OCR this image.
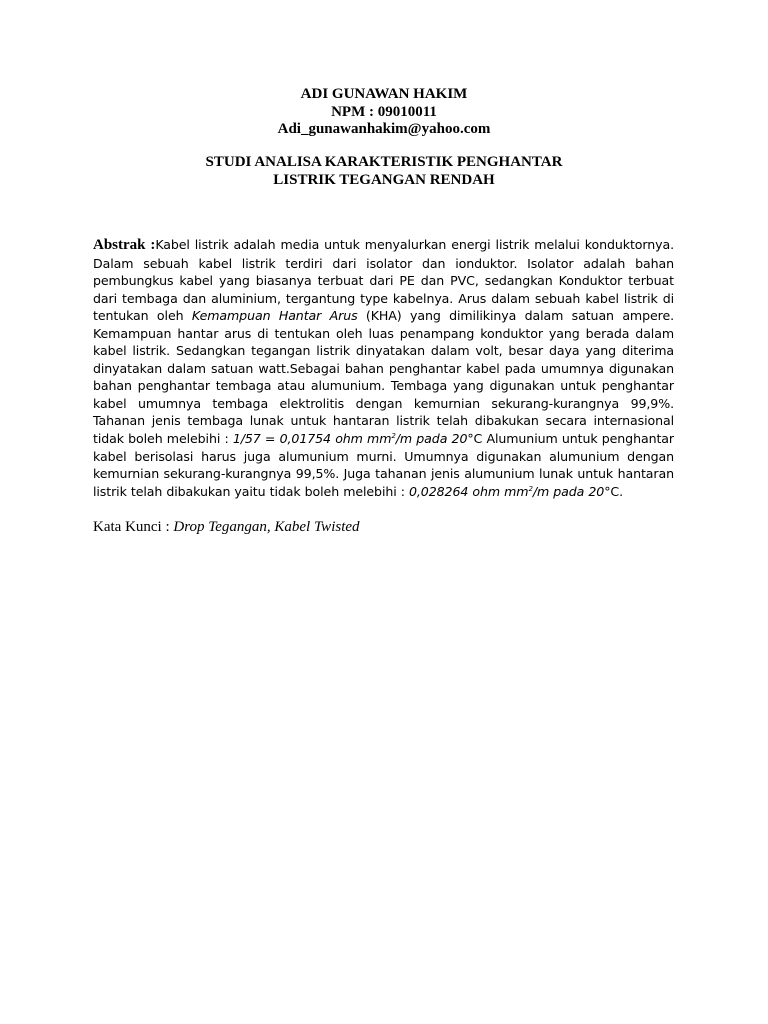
ADI GUNAWAN HAKIM
NPM : 09010011
Adi_gunawanhakim@yahoo.com
STUDI ANALISA KARAKTERISTIK PENGHANTAR
LISTRIK TEGANGAN RENDAH
Abstrak :Kabel listrik adalah media untuk menyalurkan energi listrik melalui konduktornya. Dalam sebuah kabel listrik terdiri dari isolator dan ionduktor. Isolator adalah bahan pembungkus kabel yang biasanya terbuat dari PE dan PVC, sedangkan Konduktor terbuat dari tembaga dan aluminium, tergantung type kabelnya. Arus dalam sebuah kabel listrik di tentukan oleh Kemampuan Hantar Arus (KHA) yang dimilikinya dalam satuan ampere. Kemampuan hantar arus di tentukan oleh luas penampang konduktor yang berada dalam kabel listrik. Sedangkan tegangan listrik dinyatakan dalam volt, besar daya yang diterima dinyatakan dalam satuan watt.Sebagai bahan penghantar kabel pada umumnya digunakan bahan penghantar tembaga atau alumunium. Tembaga yang digunakan untuk penghantar kabel umumnya tembaga elektrolitis dengan kemurnian sekurang-kurangnya 99,9%. Tahanan jenis tembaga lunak untuk hantaran listrik telah dibakukan secara internasional tidak boleh melebihi : 1/57 = 0,01754 ohm $mm^2/m$ pada 20°C Alumunium untuk penghantar kabel berisolasi harus juga alumunium murni. Umumnya digunakan alumunium dengan kemurnian sekurang-kurangnya 99,5%. Juga tahanan jenis alumunium lunak untuk hantaran listrik telah dibakukan yaitu tidak boleh melebihi : 0,028264 ohm $mm^2/m$ pada 20°C.
Kata Kunci : Drop Tegangan, Kabel Twisted
